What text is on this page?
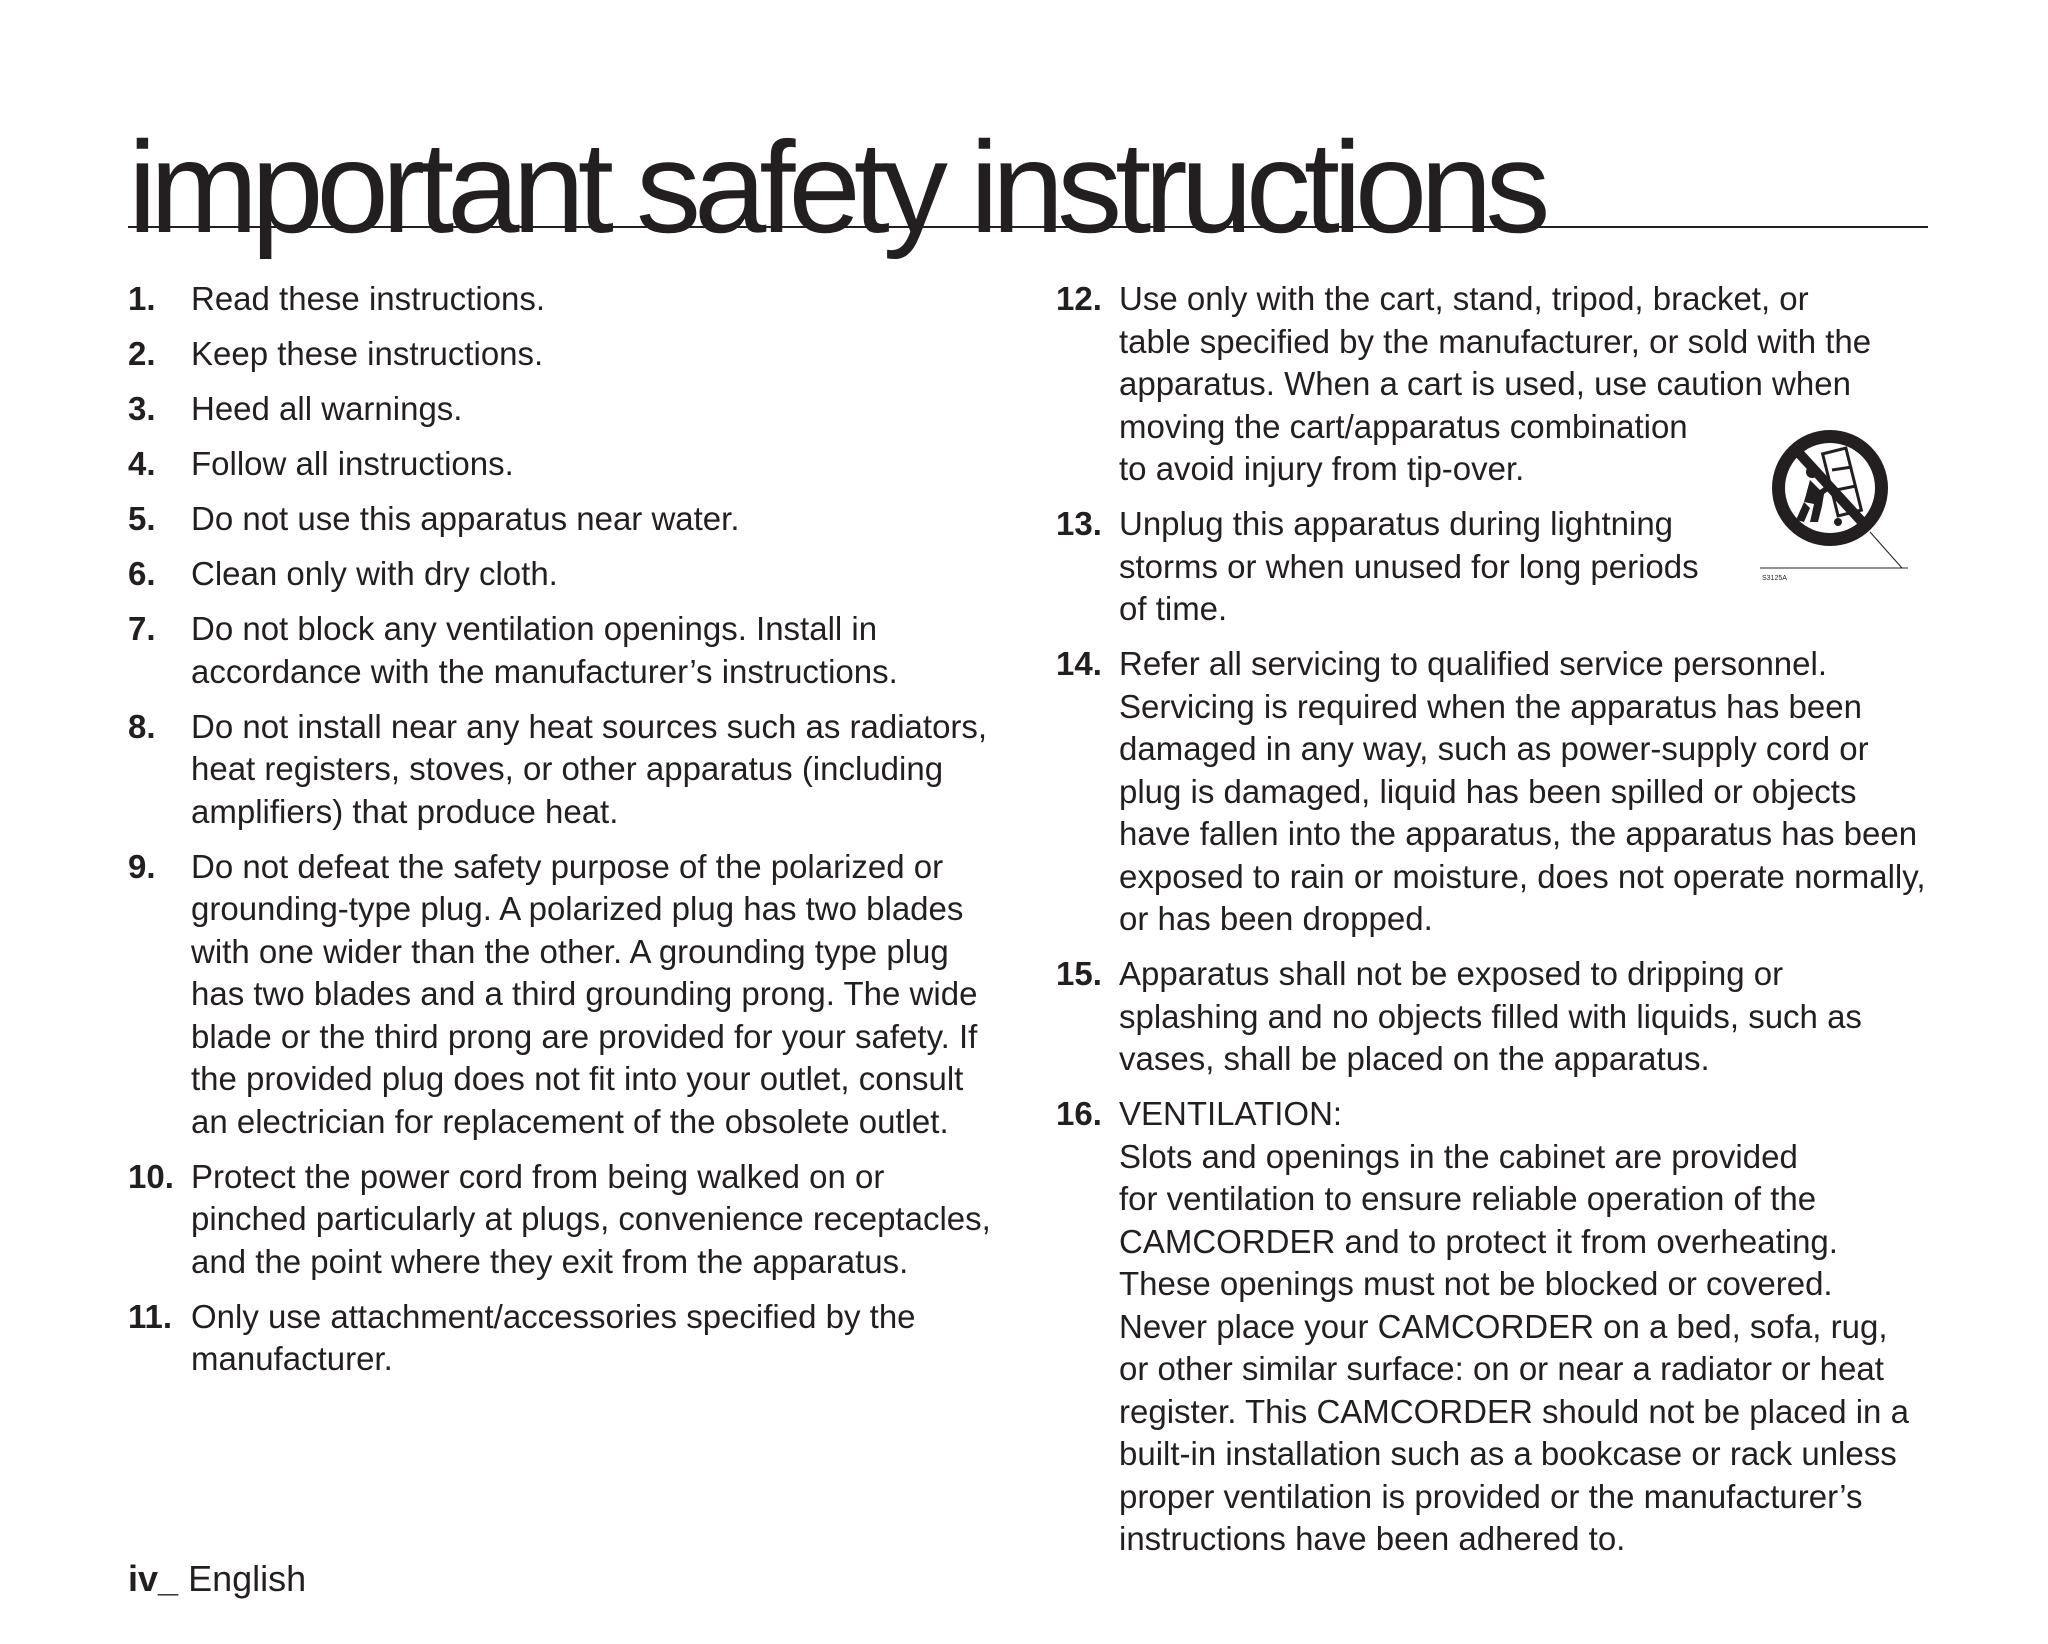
important safety instructions
1.	Read these instructions.
2.	Keep these instructions.
3.	Heed all warnings.
4.	Follow all instructions.
5.	Do not use this apparatus near water.
6.	Clean only with dry cloth.
7.	Do not block any ventilation openings. Install in
accordance with the manufacturer’s instructions.
8.	Do not install near any heat sources such as radiators,
heat registers, stoves, or other apparatus (including
amplifiers) that produce heat.
9.	Do not defeat the safety purpose of the polarized or
grounding-type plug. A polarized plug has two blades
with one wider than the other. A grounding type plug
has two blades and a third grounding prong. The wide
blade or the third prong are provided for your safety. If
the provided plug does not fit into your outlet, consult
an electrician for replacement of the obsolete outlet.
10. Protect the power cord from being walked on or
pinched particularly at plugs, convenience receptacles,
and the point where they exit from the apparatus.
11. Only use attachment/accessories specified by the
manufacturer.
12. Use only with the cart, stand, tripod, bracket, or
table specified by the manufacturer, or sold with the
apparatus. When a cart is used, use caution when
moving the cart/apparatus combination
to avoid injury from tip-over.
13. Unplug this apparatus during lightning
storms or when unused for long periods
of time.
14. Refer all servicing to qualified service personnel.
Servicing is required when the apparatus has been
damaged in any way, such as power-supply cord or
plug is damaged, liquid has been spilled or objects
have fallen into the apparatus, the apparatus has been
exposed to rain or moisture, does not operate normally,
or has been dropped.
15. Apparatus shall not be exposed to dripping or
splashing and no objects filled with liquids, such as
vases, shall be placed on the apparatus.
16. VENTILATION:
Slots and openings in the cabinet are provided
for ventilation to ensure reliable operation of the
CAMCORDER and to protect it from overheating.
These openings must not be blocked or covered.
Never place your CAMCORDER on a bed, sofa, rug,
or other similar surface: on or near a radiator or heat
register. This CAMCORDER should not be placed in a
built-in installation such as a bookcase or rack unless
proper ventilation is provided or the manufacturer’s
instructions have been adhered to.
S3125A
iv_ English
